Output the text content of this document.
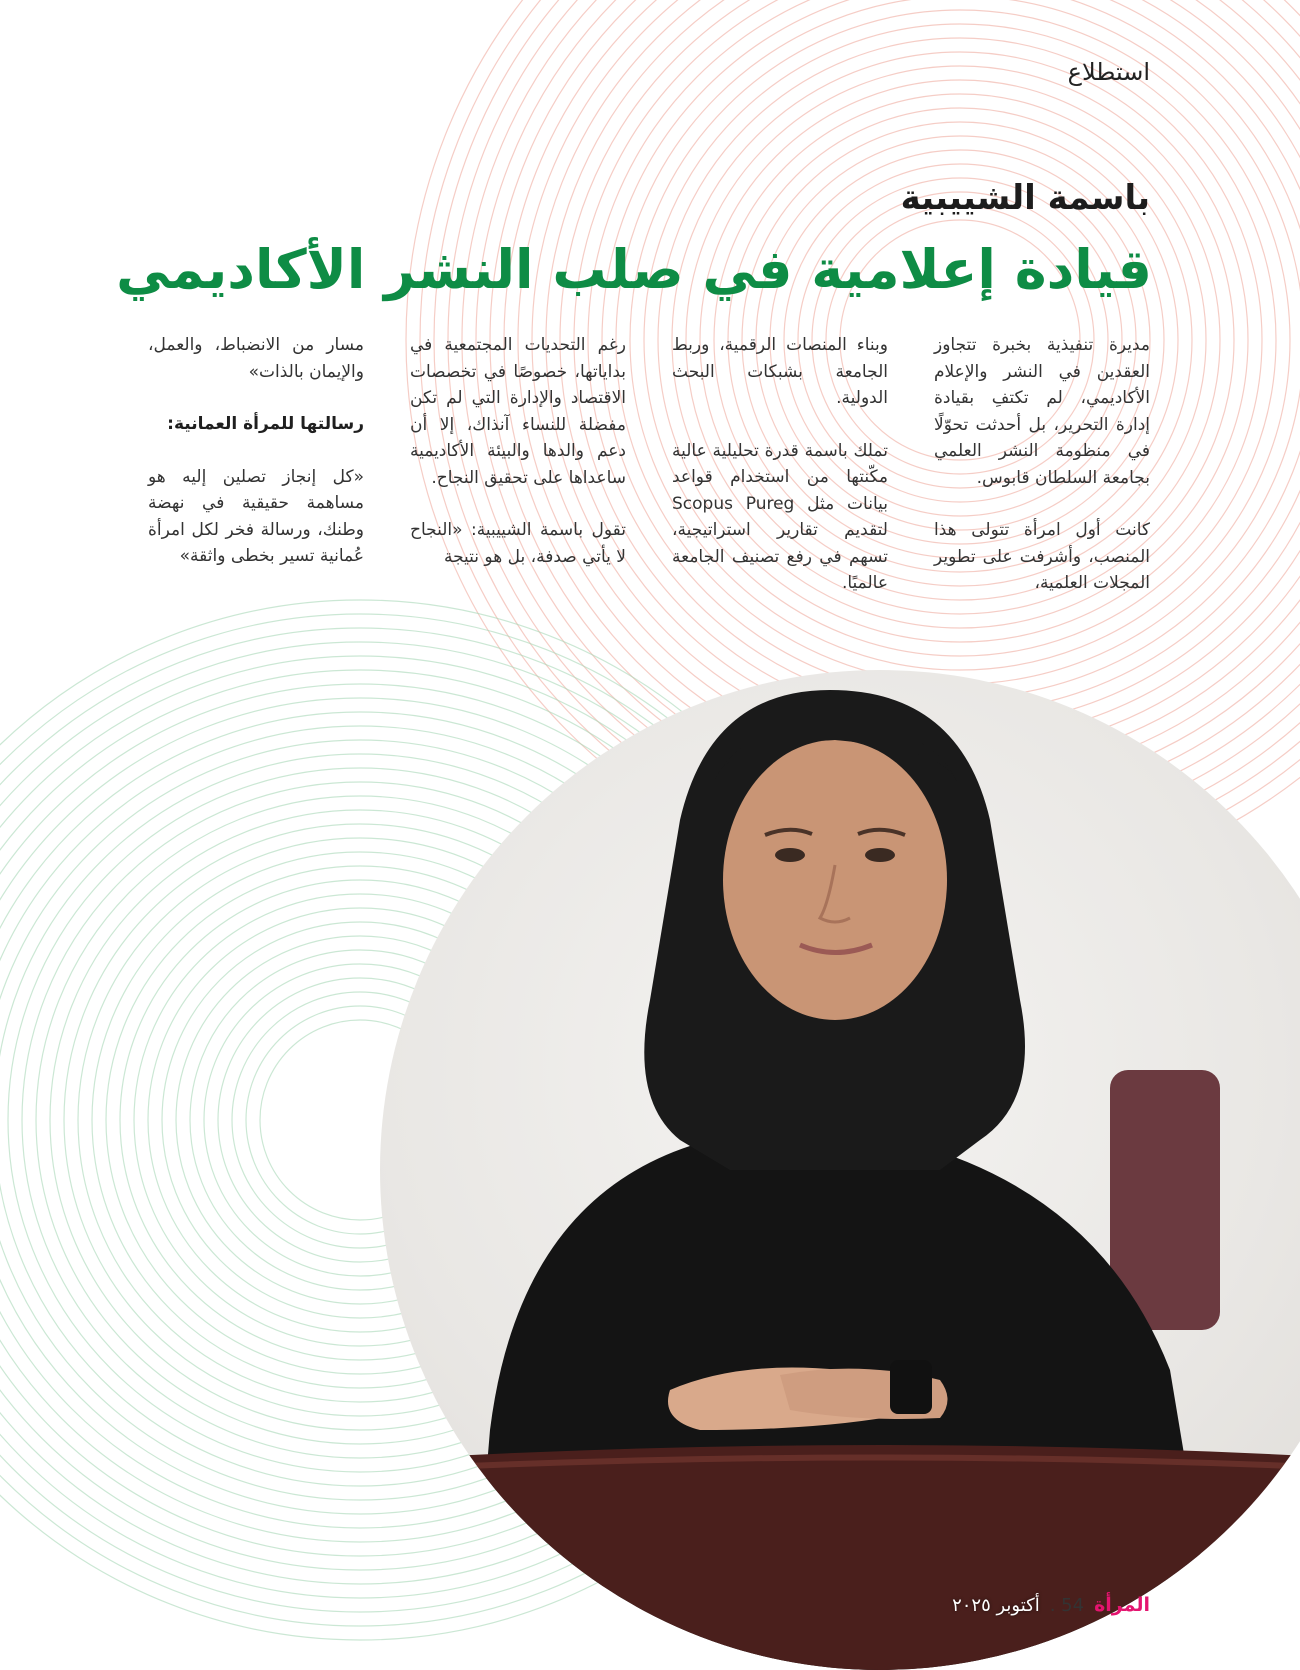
استطلاع
باسمة الشييبية
قيادة إعلامية في صلب النشر الأكاديمي

مديرة تنفيذية بخبرة تتجاوز العقدين في النشر والإعلام الأكاديمي، لم تكتفِ بقيادة إدارة التحرير، بل أحدثت تحوّلًا في منظومة النشر العلمي بجامعة السلطان قابوس.

كانت أول امرأة تتولى هذا المنصب، وأشرفت على تطوير المجلات العلمية،

وبناء المنصات الرقمية، وربط الجامعة بشبكات البحث الدولية.

تملك باسمة قدرة تحليلية عالية مكّنتها من استخدام قواعد بيانات مثل Scopus Pureg لتقديم تقارير استراتيجية، تسهم في رفع تصنيف الجامعة عالميًا.

رغم التحديات المجتمعية في بداياتها، خصوصًا في تخصصات الاقتصاد والإدارة التي لم تكن مفضلة للنساء آنذاك، إلا أن دعم والدها والبيئة الأكاديمية ساعداها على تحقيق النجاح.

تقول باسمة الشييبية: «النجاح لا يأتي صدفة، بل هو نتيجة

مسار من الانضباط، والعمل، والإيمان بالذات»

رسالتها للمرأة العمانية:

«كل إنجاز تصلين إليه هو مساهمة حقيقية في نهضة وطنك، ورسالة فخر لكل امرأة عُمانية تسير بخطى واثقة»

المرأة
54 .
أكتوبر ٢٠٢٥
